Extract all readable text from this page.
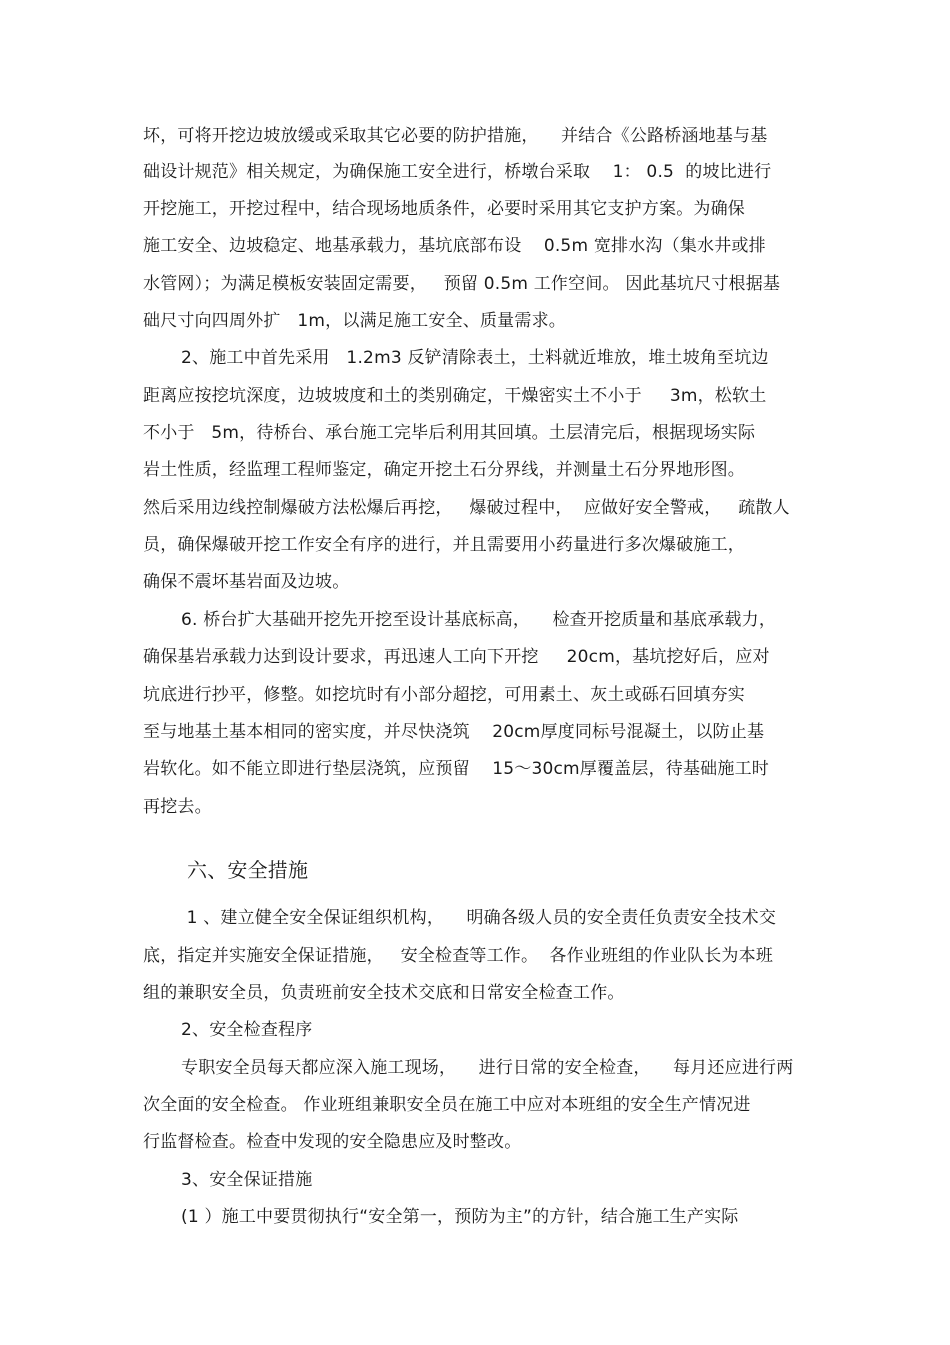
坏，可将开挖边坡放缓或采取其它必要的防护措施，    并结合《公路桥涵地基与基
础设计规范》相关规定，为确保施工安全进行，桥墩台采取    1： 0.5  的坡比进行
开挖施工，开挖过程中，结合现场地质条件，必要时采用其它支护方案。为确保
施工安全、边坡稳定、地基承载力，基坑底部布设    0.5m 宽排水沟（集水井或排
水管网）；为满足模板安装固定需要，   预留 0.5m 工作空间。 因此基坑尺寸根据基
础尺寸向四周外扩   1m，以满足施工安全、质量需求。
2、施工中首先采用   1.2m3 反铲清除表土，土料就近堆放，堆土坡角至坑边
距离应按挖坑深度，边坡坡度和土的类别确定，干燥密实土不小于     3m，松软土
不小于   5m，待桥台、承台施工完毕后利用其回填。土层清完后，根据现场实际
岩土性质，经监理工程师鉴定，确定开挖土石分界线，并测量土石分界地形图。
然后采用边线控制爆破方法松爆后再挖，   爆破过程中，  应做好安全警戒，   疏散人
员，确保爆破开挖工作安全有序的进行，并且需要用小药量进行多次爆破施工，
确保不震坏基岩面及边坡。
6. 桥台扩大基础开挖先开挖至设计基底标高，    检查开挖质量和基底承载力，
确保基岩承载力达到设计要求，再迅速人工向下开挖     20cm，基坑挖好后，应对
坑底进行抄平，修整。如挖坑时有小部分超挖，可用素土、灰土或砾石回填夯实
至与地基土基本相同的密实度，并尽快浇筑    20cm厚度同标号混凝土，以防止基
岩软化。如不能立即进行垫层浇筑，应预留    15～30cm厚覆盖层，待基础施工时
再挖去。
六、安全措施
1 、建立健全安全保证组织机构，    明确各级人员的安全责任负责安全技术交
底，指定并实施安全保证措施，   安全检查等工作。  各作业班组的作业队长为本班
组的兼职安全员，负责班前安全技术交底和日常安全检查工作。
2、安全检查程序
专职安全员每天都应深入施工现场，    进行日常的安全检查，    每月还应进行两
次全面的安全检查。 作业班组兼职安全员在施工中应对本班组的安全生产情况进
行监督检查。检查中发现的安全隐患应及时整改。
3、安全保证措施
(1 ）施工中要贯彻执行“安全第一，预防为主”的方针，结合施工生产实际
